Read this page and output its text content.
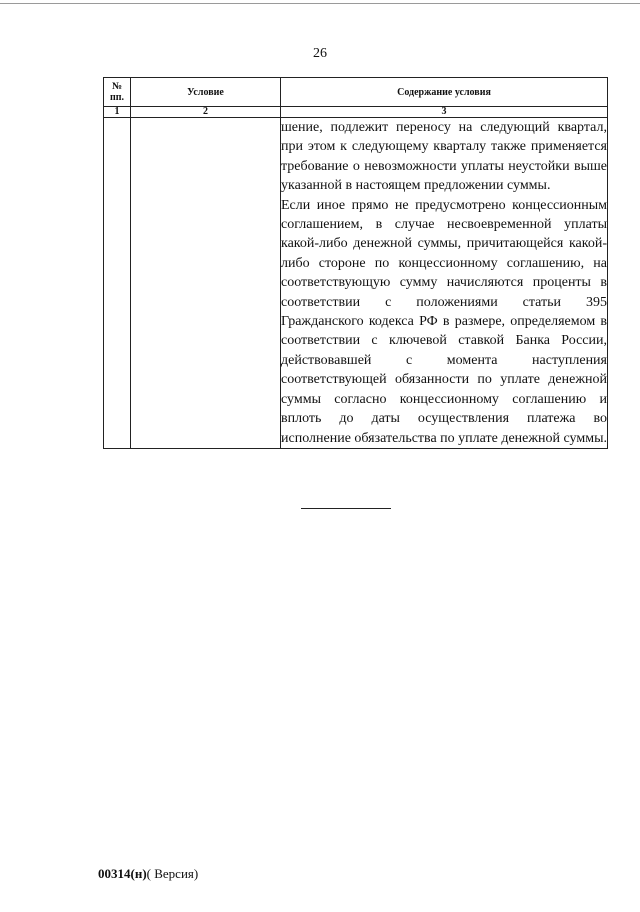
26
№ пп.	Условие	Содержание условия
1	2	3

		шение, подлежит переносу на следующий квартал, при этом к следующему кварталу также применяется требование о невозможности уплаты неустойки выше указанной в настоящем предложении суммы.

Если иное прямо не предусмотрено концессионным соглашением, в случае несвоевременной уплаты какой-либо денежной суммы, причитающейся какой-либо стороне по концессионному соглашению, на соответствующую сумму начисляются проценты в соответствии с положениями статьи 395 Гражданского кодекса РФ в размере, определяемом в соответствии с ключевой ставкой Банка России, действовавшей с момента наступления соответствующей обязанности по уплате денежной суммы согласно концессионному соглашению и вплоть до даты осуществления платежа во исполнение обязательства по уплате денежной суммы.

00314(н)( Версия)
